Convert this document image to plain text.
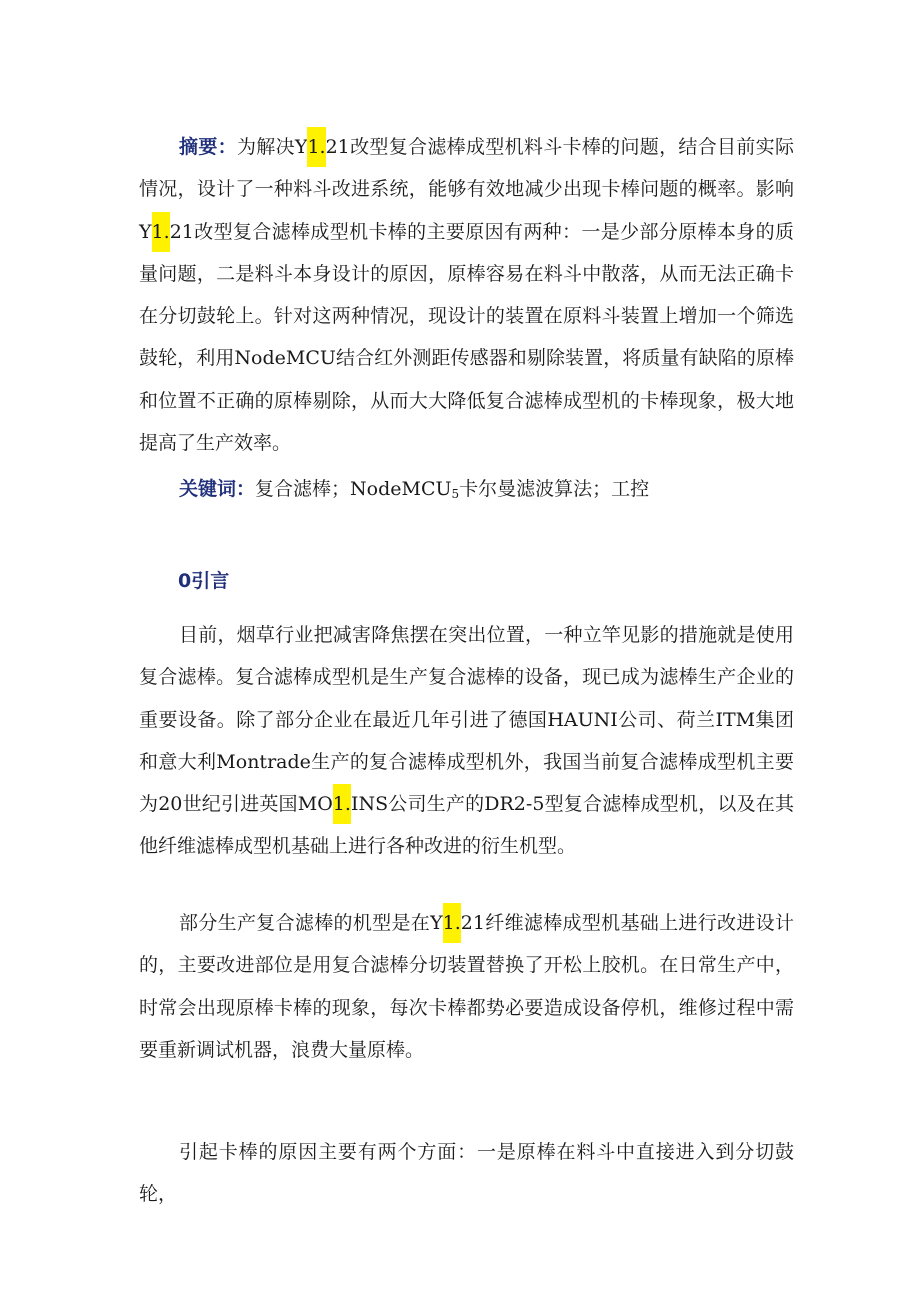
摘要：为解决Y1.21改型复合滤棒成型机料斗卡棒的问题，结合目前实际情况，设计了一种料斗改进系统，能够有效地减少出现卡棒问题的概率。影响Y1.21改型复合滤棒成型机卡棒的主要原因有两种：一是少部分原棒本身的质量问题，二是料斗本身设计的原因，原棒容易在料斗中散落，从而无法正确卡在分切鼓轮上。针对这两种情况，现设计的装置在原料斗装置上增加一个筛选鼓轮，利用NodeMCU结合红外测距传感器和剔除装置，将质量有缺陷的原棒和位置不正确的原棒剔除，从而大大降低复合滤棒成型机的卡棒现象，极大地提高了生产效率。

关键词：复合滤棒；NodeMCU$_5$卡尔曼滤波算法；工控

0引言

目前，烟草行业把减害降焦摆在突出位置，一种立竿见影的措施就是使用复合滤棒。复合滤棒成型机是生产复合滤棒的设备，现已成为滤棒生产企业的重要设备。除了部分企业在最近几年引进了德国HAUNI公司、荷兰ITM集团和意大利Montrade生产的复合滤棒成型机外，我国当前复合滤棒成型机主要为20世纪引进英国MO1.INS公司生产的DR2-5型复合滤棒成型机，以及在其他纤维滤棒成型机基础上进行各种改进的衍生机型。

部分生产复合滤棒的机型是在Y1.21纤维滤棒成型机基础上进行改进设计的，主要改进部位是用复合滤棒分切装置替换了开松上胶机。在日常生产中，时常会出现原棒卡棒的现象，每次卡棒都势必要造成设备停机，维修过程中需要重新调试机器，浪费大量原棒。

引起卡棒的原因主要有两个方面：一是原棒在料斗中直接进入到分切鼓轮，
